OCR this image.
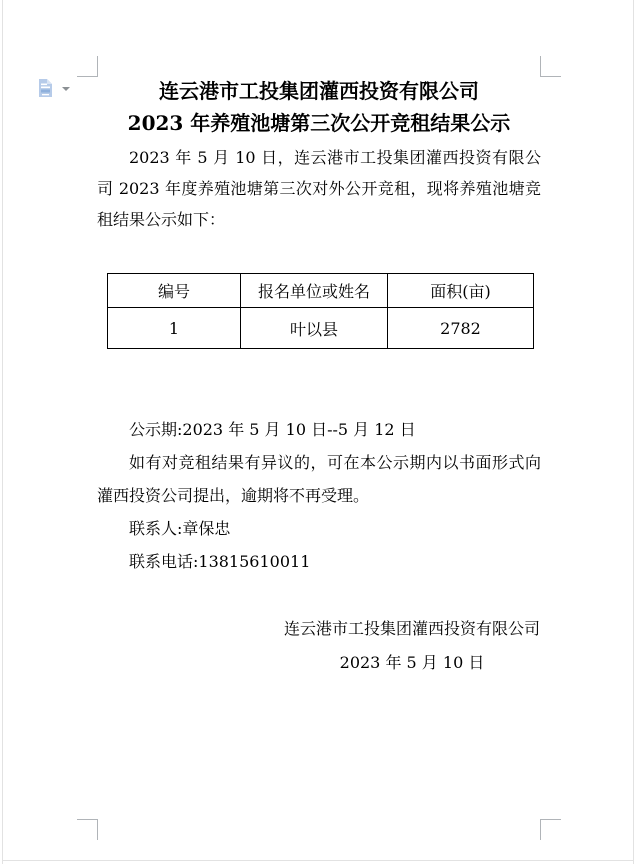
连云港市工投集团灌西投资有限公司
2023 年养殖池塘第三次公开竞租结果公示

2023 年 5 月 10 日，连云港市工投集团灌西投资有限公司 2023 年度养殖池塘第三次对外公开竞租，现将养殖池塘竞租结果公示如下：

编号	报名单位或姓名	面积(亩)
1	叶以县	2782

公示期:2023 年 5 月 10 日--5 月 12 日

如有对竞租结果有异议的，可在本公示期内以书面形式向灌西投资公司提出，逾期将不再受理。

联系人:章保忠

联系电话:13815610011

连云港市工投集团灌西投资有限公司
2023 年 5 月 10 日
